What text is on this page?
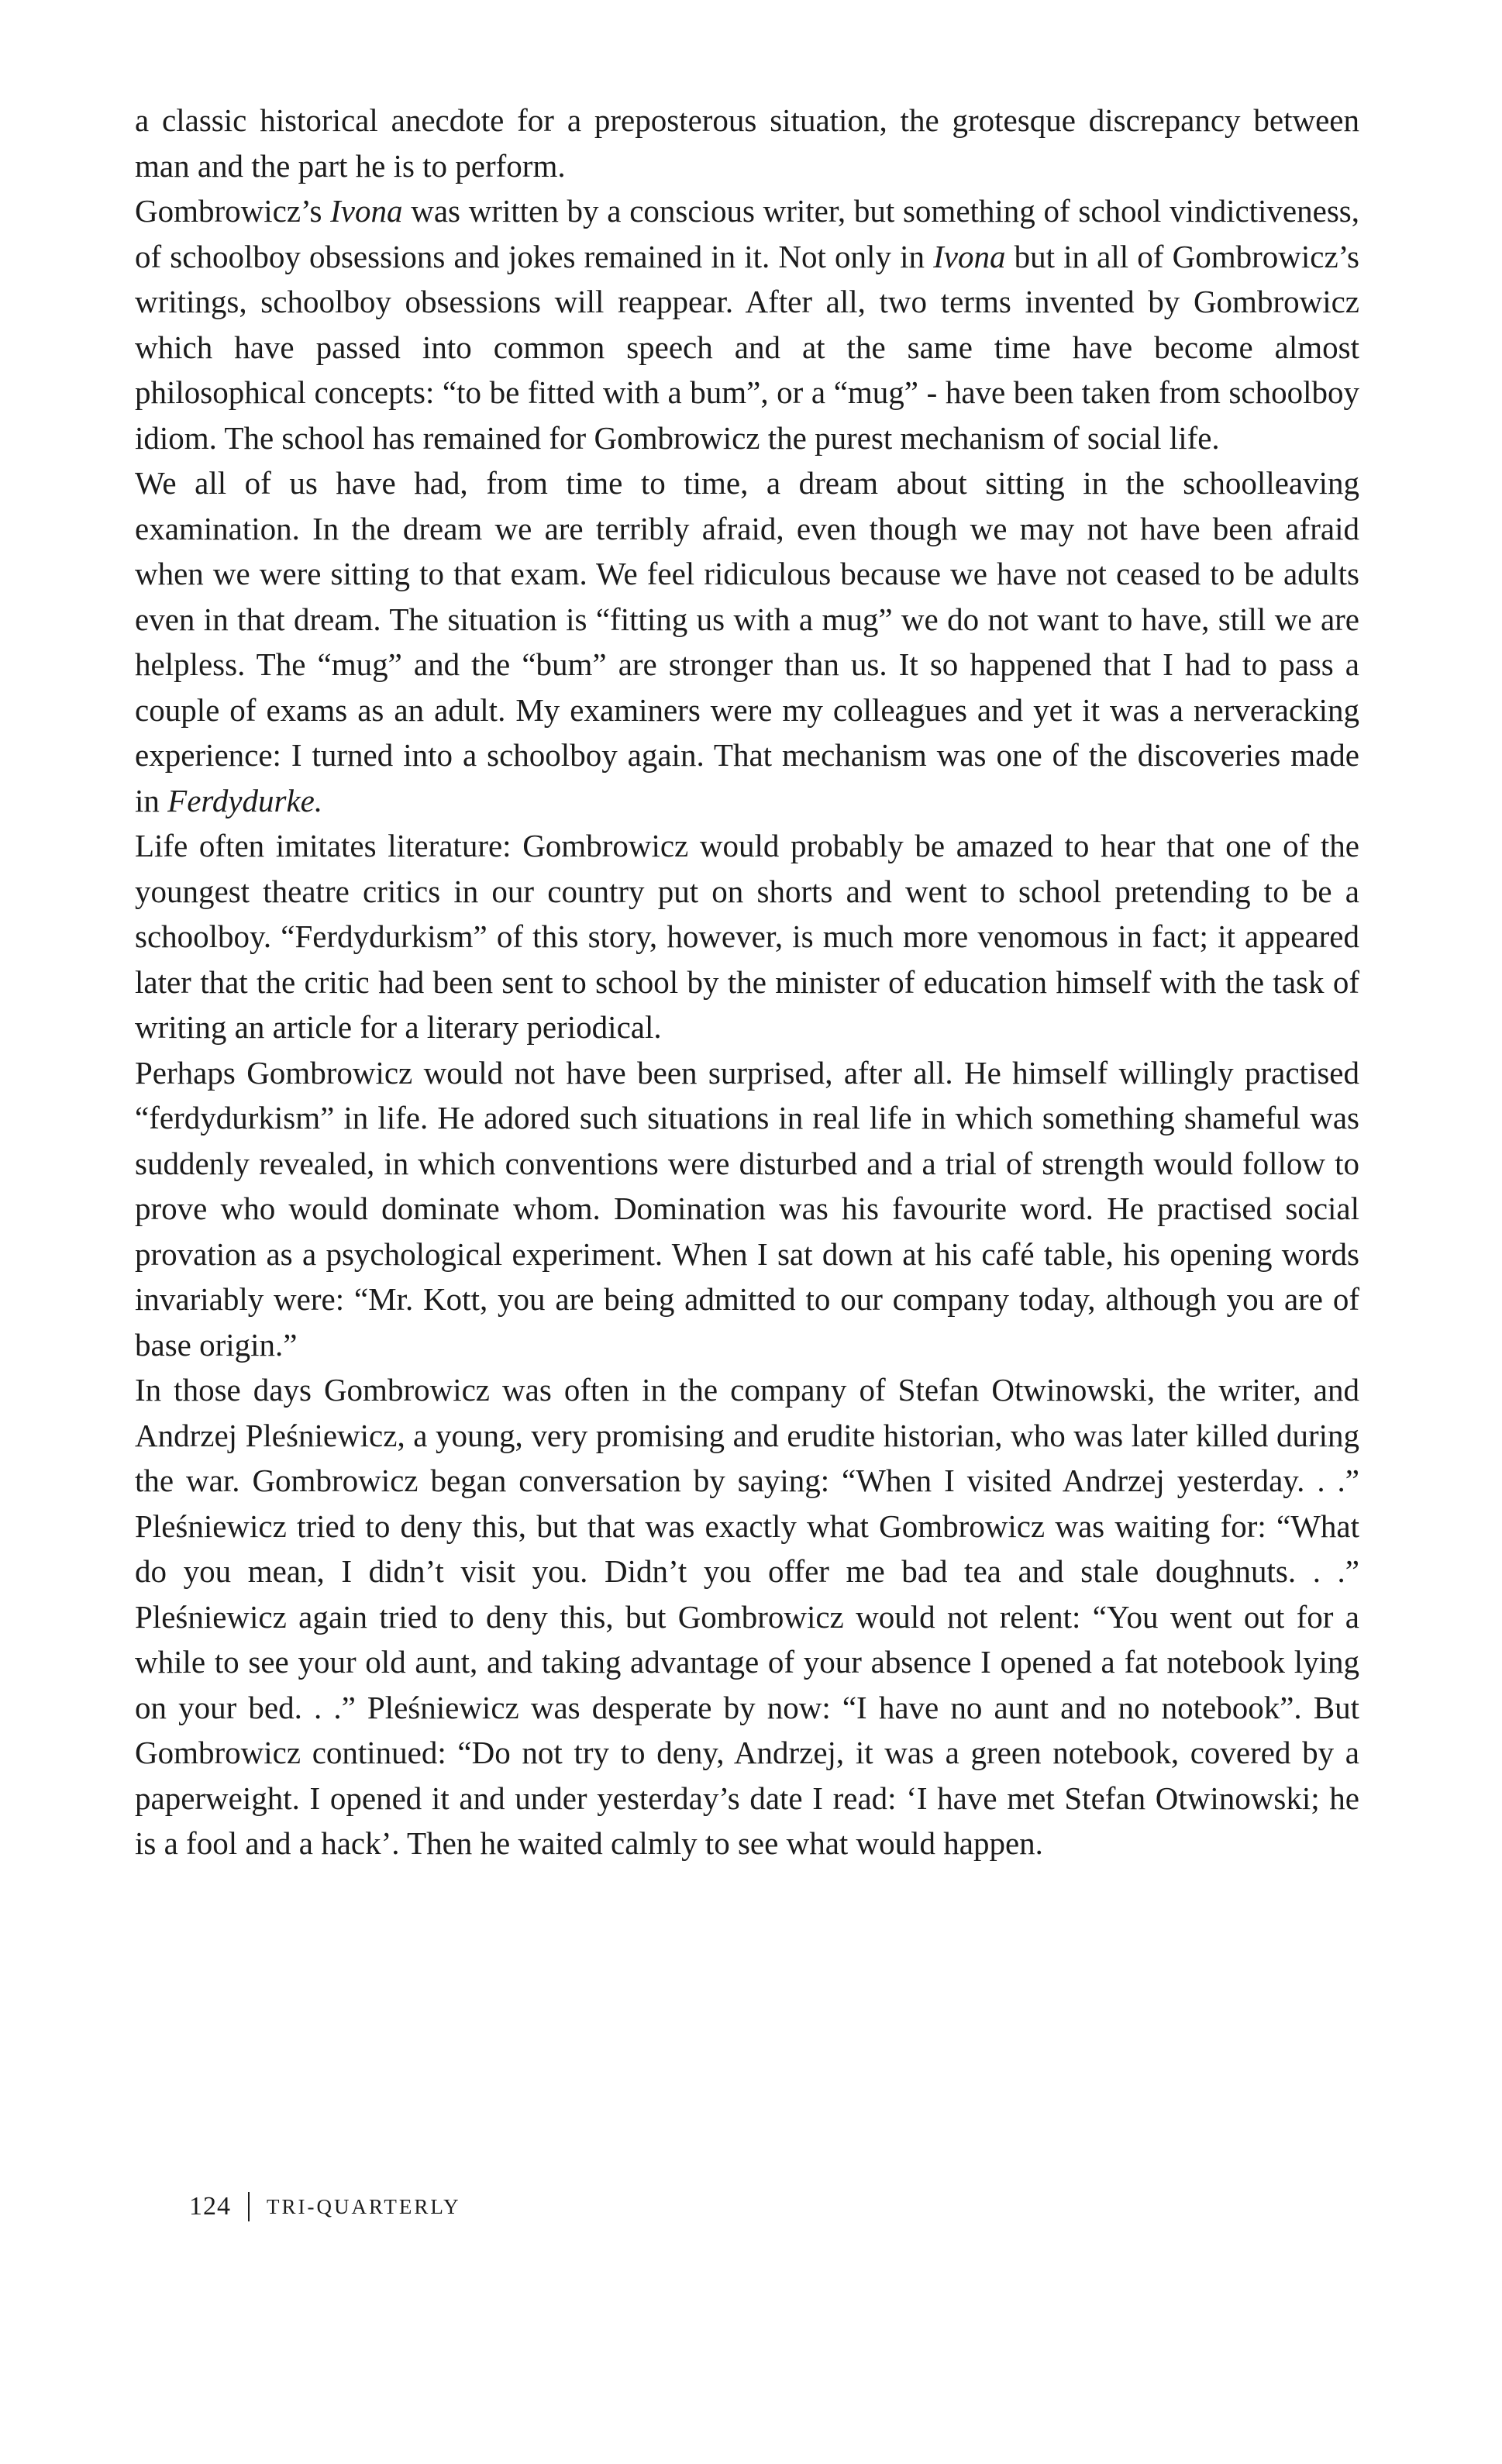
a classic historical anecdote for a preposterous situation, the grotesque discrepancy between man and the part he is to perform.

Gombrowicz’s Ivona was written by a conscious writer, but something of school vindictiveness, of schoolboy obsessions and jokes remained in it. Not only in Ivona but in all of Gombrowicz’s writings, schoolboy obsessions will reappear. After all, two terms invented by Gombrowicz which have passed into common speech and at the same time have become almost philosophical concepts: “to be fitted with a bum”, or a “mug” - have been taken from schoolboy idiom. The school has remained for Gombrowicz the purest mechanism of social life.

We all of us have had, from time to time, a dream about sitting in the schoolleaving examination. In the dream we are terribly afraid, even though we may not have been afraid when we were sitting to that exam. We feel ridiculous because we have not ceased to be adults even in that dream. The situation is “fitting us with a mug” we do not want to have, still we are helpless. The “mug” and the “bum” are stronger than us. It so happened that I had to pass a couple of exams as an adult. My examiners were my colleagues and yet it was a nerveracking experience: I turned into a schoolboy again. That mechanism was one of the discoveries made in Ferdydurke.

Life often imitates literature: Gombrowicz would probably be amazed to hear that one of the youngest theatre critics in our country put on shorts and went to school pretending to be a schoolboy. “Ferdydurkism” of this story, however, is much more venomous in fact; it appeared later that the critic had been sent to school by the minister of education himself with the task of writing an article for a literary periodical.

Perhaps Gombrowicz would not have been surprised, after all. He himself willingly practised “ferdydurkism” in life. He adored such situations in real life in which something shameful was suddenly revealed, in which conventions were disturbed and a trial of strength would follow to prove who would dominate whom. Domination was his favourite word. He practised social provation as a psychological experiment. When I sat down at his café table, his opening words invariably were: “Mr. Kott, you are being admitted to our company today, although you are of base origin.”

In those days Gombrowicz was often in the company of Stefan Otwinowski, the writer, and Andrzej Pleśniewicz, a young, very promising and erudite historian, who was later killed during the war. Gombrowicz began conversation by saying: “When I visited Andrzej yesterday. . .” Pleśniewicz tried to deny this, but that was exactly what Gombrowicz was waiting for: “What do you mean, I didn’t visit you. Didn’t you offer me bad tea and stale doughnuts. . .” Pleśniewicz again tried to deny this, but Gombrowicz would not relent: “You went out for a while to see your old aunt, and taking advantage of your absence I opened a fat notebook lying on your bed. . .” Pleśniewicz was desperate by now: “I have no aunt and no notebook”. But Gombrowicz continued: “Do not try to deny, Andrzej, it was a green notebook, covered by a paperweight. I opened it and under yesterday’s date I read: ‘I have met Stefan Otwinowski; he is a fool and a hack’. Then he waited calmly to see what would happen.

124 TRI-QUARTERLY
